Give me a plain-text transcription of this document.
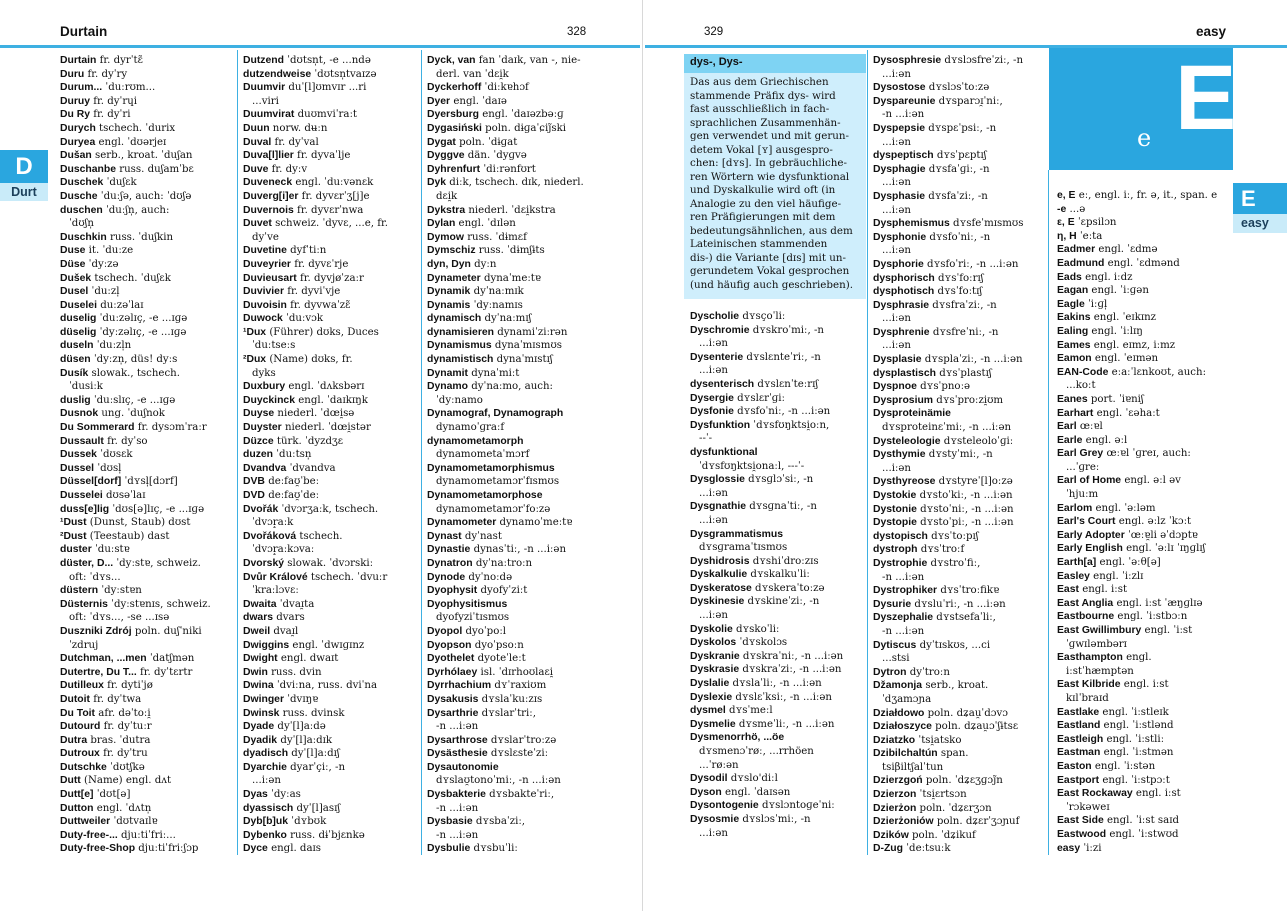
Durtain	328	329	easy
D
Durt	E
easy
e E
dys-, Dys-
Das aus dem Griechischen
stammende Präfix dys- wird
fast ausschließlich in fach-
sprachlichen Zusammenhän-
gen verwendet und mit gerun-
detem Vokal [ʏ] ausgespro-
chen: [dʏs]. In gebräuchliche-
ren Wörtern wie dysfunktional
und Dyskalkulie wird oft (in
Analogie zu den viel häufige-
ren Präfigierungen mit dem
bedeutungsähnlichen, aus dem
Lateinischen stammenden
dis-) die Variante [dɪs] mit un-
gerundetem Vokal gesprochen
(und häufig auch geschrieben).
Durtain fr. dyrˈtɛ̃
Duru fr. dyˈry
Durum... ˈduːrʊm...
Duruy fr. dyˈrɥi
Du Ry fr. dyˈri
Durych tschech. ˈdurix
Duryea engl. ˈdʊərjeɪ
Dušan serb., kroat. ˈduʃan
Duschanbe russ. duʃamˈbɛ
Duschek ˈduʃɛk
Dusche ˈduːʃə, auch: ˈdʊʃə
duschen ˈduːʃn̩, auch:
ˈdʊʃn̩
Duschkin russ. ˈduʃkin
Duse it. ˈduːze
Düse ˈdyːzə
Dušek tschech. ˈduʃɛk
Dusel ˈduːzl̩
Duselei duːzəˈlaɪ
duselig ˈduːzəlɪç, -e ...ɪɡə
düselig ˈdyːzəlɪç, -e ...ɪɡə
duseln ˈduːzl̩n
düsen ˈdyːzn̩, düs! dyːs
Dusík slowak., tschech.
ˈdusiːk
duslig ˈduːslɪç, -e ...ɪɡə
Dusnok ung. ˈduʃnok
Du Sommerard fr. dysɔmˈraːr
Dussault fr. dyˈso
Dussek ˈdʊsɛk
Dussel ˈdʊsl̩
Düssel[dorf] ˈdʏsl̩[dɔrf]
Dusselei dʊsəˈlaɪ
duss[e]lig ˈdʊs[ə]lɪç, -e ...ɪɡə
¹Dust (Dunst, Staub) dʊst
²Dust (Teestaub) dast
duster ˈduːstɐ
düster, D... ˈdyːstɐ, schweiz.
oft: ˈdʏs...
düstern ˈdyːstɐn
Düsternis ˈdyːstɐnɪs, schweiz.
oft: ˈdʏs..., -se ...ɪsə
Duszniki Zdrój poln. duʃˈniki
ˈzdruj
Dutchman, ...men ˈdatʃmən
Dutertre, Du T... fr. dyˈtɛrtr
Dutilleux fr. dytiˈjø
Dutoit fr. dyˈtwa
Du Toit afr. dəˈtoːi̯
Dutourd fr. dyˈtuːr
Dutra bras. ˈdutra
Dutroux fr. dyˈtru
Dutschke ˈdʊtʃkə
Dutt (Name) engl. dʌt
Dutt[e] ˈdʊt[ə]
Dutton engl. ˈdʌtn̩
Duttweiler ˈdʊtvaɪlɐ
Duty-free-... djuːtiˈfriː...
Duty-free-Shop djuːtiˈfriːʃɔp
Dutzend ˈdʊtsn̩t, -e ...ndə
dutzendweise ˈdʊtsn̩tvaɪzə
Duumvir duˈ[l]ʊmvɪr ...ri
...viri
Duumvirat duʊmviˈraːt
Duun norw. dʉːn
Duval fr. dyˈval
Duva[l]lier fr. dyvaˈlje
Duve fr. dyːv
Duveneck engl. ˈduːvənɛk
Duverg[i]er fr. dyvɛrˈʒ[j]e
Duvernois fr. dyvɛrˈnwa
Duvet schweiz. ˈdyvɛ, ...e, fr.
dyˈve
Duvetine dyfˈtiːn
Duveyrier fr. dyvɛˈrje
Duvieusart fr. dyvjøˈzaːr
Duvivier fr. dyviˈvje
Duvoisin fr. dyvwaˈzɛ̃
Duwock ˈduːvɔk
¹Dux (Führer) dʊks, Duces
ˈduːtseːs
²Dux (Name) dʊks, fr.
dyks
Duxbury engl. ˈdʌksbərɪ
Duyckinck engl. ˈdaɪkɪŋk
Duyse niederl. ˈdœi̯sə
Duyster niederl. ˈdœi̯stər
Düzce türk. ˈdyzdʒɛ
duzen ˈduːtsn̩
Dvandva ˈdvandva
DVB deːfaʊ̯ˈbeː
DVD deːfaʊ̯ˈdeː
Dvořák ˈdvɔrʒaːk, tschech.
ˈdvɔr̝aːk
Dvořáková tschech.
ˈdvɔr̝aːkɔvaː
Dvorský slowak. ˈdvɔrskiː
Dvůr Králové tschech. ˈdvuːr
ˈkraːlɔvɛː
Dwaita ˈdvaɪ̯ta
dwars dvars
Dweil dvaɪ̯l
Dwiggins engl. ˈdwɪɡɪnz
Dwight engl. dwaɪt
Dwin russ. dvin
Dwina ˈdviːna, russ. dviˈna
Dwinger ˈdvɪŋɐ
Dwinsk russ. dvinsk
Dyade dyˈ[l]aːdə
Dyadik dyˈ[l]aːdɪk
dyadisch dyˈ[l]aːdɪʃ
Dyarchie dyarˈçiː, -n
...iːən
Dyas ˈdyːas
dyassisch dyˈ[l]asɪʃ
Dyb[b]uk ˈdʏbʊk
Dybenko russ. dɨˈbjɛnkə
Dyce engl. daɪs
Dyck, van fan ˈdaɪk, van -, nie-
derl. van ˈdɛi̯k
Dyckerhoff ˈdiːkɐhɔf
Dyer engl. ˈdaɪə
Dyersburg engl. ˈdaɪəzbəːɡ
Dygasiński poln. dɨɡaˈɕij̃ski
Dygat poln. ˈdɨɡat
Dyggve dän. ˈdyɡvə
Dyhrenfurt ˈdiːrənfʊrt
Dyk diːk, tschech. dɪk, niederl.
dɛi̯k
Dykstra niederl. ˈdɛi̯kstra
Dylan engl. ˈdɪlən
Dymow russ. ˈdɨmɛf
Dymschiz russ. ˈdɨmʃɨts
dyn, Dyn dyːn
Dynameter dynaˈmeːtɐ
Dynamik dyˈnaːmɪk
Dynamis ˈdyːnamɪs
dynamisch dyˈnaːmɪʃ
dynamisieren dynamiˈziːrən
Dynamismus dynaˈmɪsmʊs
dynamistisch dynaˈmɪstɪʃ
Dynamit dynaˈmiːt
Dynamo dyˈnaːmo, auch:
ˈdyːnamo
Dynamograf, Dynamograph
dynamoˈɡraːf
dynamometamorph
dynamometaˈmɔrf
Dynamometamorphismus
dynamometamɔrˈfɪsmʊs
Dynamometamorphose
dynamometamɔrˈfoːzə
Dynamometer dynamoˈmeːtɐ
Dynast dyˈnast
Dynastie dynasˈtiː, -n ...iːən
Dynatron dyˈnaːtroːn
Dynode dyˈnoːdə
Dyophysit dyofyˈziːt
Dyophysitismus
dyofyziˈtɪsmʊs
Dyopol dyoˈpoːl
Dyopson dyoˈpsoːn
Dyothelet dyoteˈleːt
Dyrhólaey isl. ˈdɪrhoʊlaɛi̯
Dyrrhachium dʏˈraxiʊm
Dysakusis dʏslaˈkuːzɪs
Dysarthrie dʏslarˈtriː,
-n ...iːən
Dysarthrose dʏslarˈtroːzə
Dysästhesie dʏslɛsteˈziː
Dysautonomie
dʏslaʊ̯tonoˈmiː, -n ...iːən
Dysbakterie dʏsbakteˈriː,
-n ...iːən
Dysbasie dʏsbaˈziː,
-n ...iːən
Dysbulie dʏsbuˈliː
Dyscholie dʏsçoˈliː
Dyschromie dʏskroˈmiː, -n
...iːən
Dysenterie dʏslɛnteˈriː, -n
...iːən
dysenterisch dʏslɛnˈteːrɪʃ
Dysergie dʏslɛrˈɡiː
Dysfonie dʏsfoˈniː, -n ...iːən
Dysfunktion ˈdʏsfʊŋktsi̯oːn,
--ˈ-
dysfunktional
ˈdʏsfʊŋktsi̯onaːl, ---ˈ-
Dysglossie dʏsɡlɔˈsiː, -n
...iːən
Dysgnathie dʏsɡnaˈtiː, -n
...iːən
Dysgrammatismus
dʏsɡramaˈtɪsmʊs
Dyshidrosis dʏshiˈdroːzɪs
Dyskalkulie dʏskalkuˈliː
Dyskeratose dʏskeraˈtoːzə
Dyskinesie dʏskineˈziː, -n
...iːən
Dyskolie dʏskoˈliː
Dyskolos ˈdʏskolɔs
Dyskranie dʏskraˈniː, -n ...iːən
Dyskrasie dʏskraˈziː, -n ...iːən
Dyslalie dʏslaˈliː, -n ...iːən
Dyslexie dʏslɛˈksiː, -n ...iːən
dysmel dʏsˈmeːl
Dysmelie dʏsmeˈliː, -n ...iːən
Dysmenorrhö, ...öe
dʏsmenɔˈrøː, ...rrhöen
...ˈrøːən
Dysodil dʏslo'diːl
Dyson engl. ˈdaɪsən
Dysontogenie dʏslɔntoɡeˈniː
Dysosmie dʏslɔsˈmiː, -n
...iːən
Dysosphresie dʏslɔsfreˈziː, -n
...iːən
Dysostose dʏslɔsˈtoːzə
Dyspareunie dʏsparɔɪ̯ˈniː,
-n ...iːən
Dyspepsie dʏspɛˈpsiː, -n
...iːən
dyspeptisch dʏsˈpɛptɪʃ
Dysphagie dʏsfaˈɡiː, -n
...iːən
Dysphasie dʏsfaˈziː, -n
...iːən
Dysphemismus dʏsfeˈmɪsmʊs
Dysphonie dʏsfoˈniː, -n
...iːən
Dysphorie dʏsfoˈriː, -n ...iːən
dysphorisch dʏsˈfoːrɪʃ
dysphotisch dʏsˈfoːtɪʃ
Dysphrasie dʏsfraˈziː, -n
...iːən
Dysphrenie dʏsfreˈniː, -n
...iːən
Dysplasie dʏsplaˈziː, -n ...iːən
dysplastisch dʏsˈplastɪʃ
Dyspnoe dʏsˈpnoːə
Dysprosium dʏsˈproːzi̯ʊm
Dysproteinämie
dʏsproteinɛˈmiː, -n ...iːən
Dysteleologie dʏsteleoloˈɡiː
Dysthymie dʏstyˈmiː, -n
...iːən
Dysthyreose dʏstyreˈ[l]oːzə
Dystokie dʏstoˈkiː, -n ...iːən
Dystonie dʏstoˈniː, -n ...iːən
Dystopie dʏstoˈpiː, -n ...iːən
dystopisch dʏsˈtoːpɪʃ
dystroph dʏsˈtroːf
Dystrophie dʏstroˈfiː,
-n ...iːən
Dystrophiker dʏsˈtroːfikɐ
Dysurie dʏsluˈriː, -n ...iːən
Dyszephalie dʏstsefaˈliː,
-n ...iːən
Dytiscus dyˈtɪskʊs, ...ci
...stsi
Dytron dyˈtroːn
Džamonja serb., kroat.
ˈdʒamɔɲa
Działdowo poln. dʑau̯ˈdɔvɔ
Działoszyce poln. dʑau̯ɔˈʃɨtsɛ
Dziatzko ˈtsi̯atsko
Dzibilchaltún span.
tsiβiltʃalˈtun
Dzierzgoń poln. ˈdʑɛʒɡɔj̃n
Dzierzon ˈtsi̯ɛrtsɔn
Dzierżon poln. ˈdʑɛrʒɔn
Dzierżoniów poln. dʑɛrˈʒɔɲuf
Dzików poln. ˈdʑikuf
D-Zug ˈdeːtsuːk
e, E eː, engl. iː, fr. ə, it., span. e
-e ...ə
ε, E ˈɛpsilɔn
η, H ˈeːta
Eadmer engl. ˈɛdmə
Eadmund engl. ˈɛdmənd
Eads engl. iːdz
Eagan engl. ˈiːɡən
Eagle ˈiːɡl̩
Eakins engl. ˈeɪkɪnz
Ealing engl. ˈiːlɪŋ
Eames engl. eɪmz, iːmz
Eamon engl. ˈeɪmən
EAN-Code eːaːˈlɛnkoʊt, auch:
...koːt
Eanes port. ˈiɐniʃ
Earhart engl. ˈɛəhaːt
Earl œːɐl
Earle engl. əːl
Earl Grey œːɐl ˈɡreɪ, auch:
...ˈɡreː
Earl of Home engl. əːl əv
ˈhjuːm
Earlom engl. ˈəːləm
Earl's Court engl. əːlz ˈkɔːt
Early Adopter ˈœːɐ̯li əˈdɔptɐ
Early English engl. ˈəːlɪ ˈɪŋɡlɪʃ
Earth[a] engl. ˈəːθ[ə]
Easley engl. ˈiːzlɪ
East engl. iːst
East Anglia engl. iːst ˈæŋɡlɪə
Eastbourne engl. ˈiːstbɔːn
East Gwillimbury engl. ˈiːst
ˈɡwɪləmbərɪ
Easthampton engl.
iːstˈhæmptən
East Kilbride engl. iːst
kɪlˈbraɪd
Eastlake engl. ˈiːstleɪk
Eastland engl. ˈiːstlənd
Eastleigh engl. ˈiːstliː
Eastman engl. ˈiːstmən
Easton engl. ˈiːstən
Eastport engl. ˈiːstpɔːt
East Rockaway engl. iːst
ˈrɔkəweɪ
East Side engl. ˈiːst saɪd
Eastwood engl. ˈiːstwʊd
easy ˈiːzi
